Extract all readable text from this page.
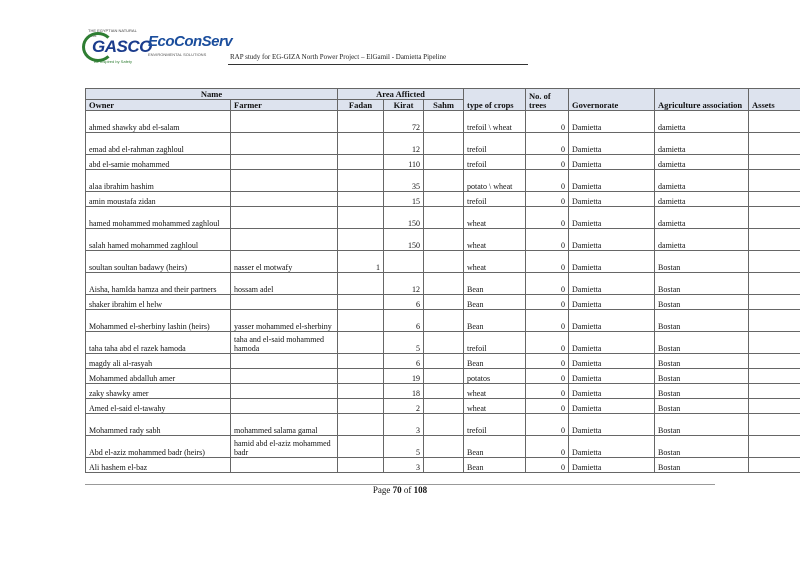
THE EGYPTIAN NATURAL GAS
GASCO
Be Inspired by Safety
EcoConServ
ENVIRONMENTAL SOLUTIONS	RAP study for EG-GIZA North Power Project – ElGamil - Damietta Pipeline
Name		Area Afficted			type of crops	No. of trees	Governorate	Agriculture association	Assets
Owner	Farmer	Fadan	Kirat	Sahm					
ahmed shawky abd el-salam			72		trefoil \ wheat	0	Damietta	damietta	
emad abd el-rahman zaghloul			12		trefoil	0	Damietta	damietta	
abd el-samie mohammed			110		trefoil	0	Damietta	damietta	
alaa ibrahim hashim			35		potato \ wheat	0	Damietta	damietta	
amin moustafa zidan			15		trefoil	0	Damietta	damietta	
hamed mohammed mohammed zaghloul			150		wheat	0	Damietta	damietta	
salah hamed mohammed zaghloul			150		wheat	0	Damietta	damietta	
soultan soultan badawy (heirs)	nasser el motwafy	1			wheat	0	Damietta	Bostan	
Aisha, hamIda hamza and their partners	hossam adel		12		Bean	0	Damietta	Bostan	
shaker ibrahim el helw			6		Bean	0	Damietta	Bostan	
Mohammed el-sherbiny lashin (heirs)	yasser mohammed el-sherbiny		6		Bean	0	Damietta	Bostan	
taha taha abd el razek hamoda	taha and el-said mohammed hamoda		5		trefoil	0	Damietta	Bostan	
magdy ali al-rasyah			6		Bean	0	Damietta	Bostan	
Mohammed abdalluh amer			19		potatos	0	Damietta	Bostan	
zaky shawky amer			18		wheat	0	Damietta	Bostan	
Amed el-said el-tawahy			2		wheat	0	Damietta	Bostan	
Mohammed rady sabh	mohammed salama gamal		3		trefoil	0	Damietta	Bostan	
Abd el-aziz mohammed badr (heirs)	hamid abd el-aziz mohammed badr		5		Bean	0	Damietta	Bostan	
Ali hashem el-baz			3		Bean	0	Damietta	Bostan	
Page 70 of 108
